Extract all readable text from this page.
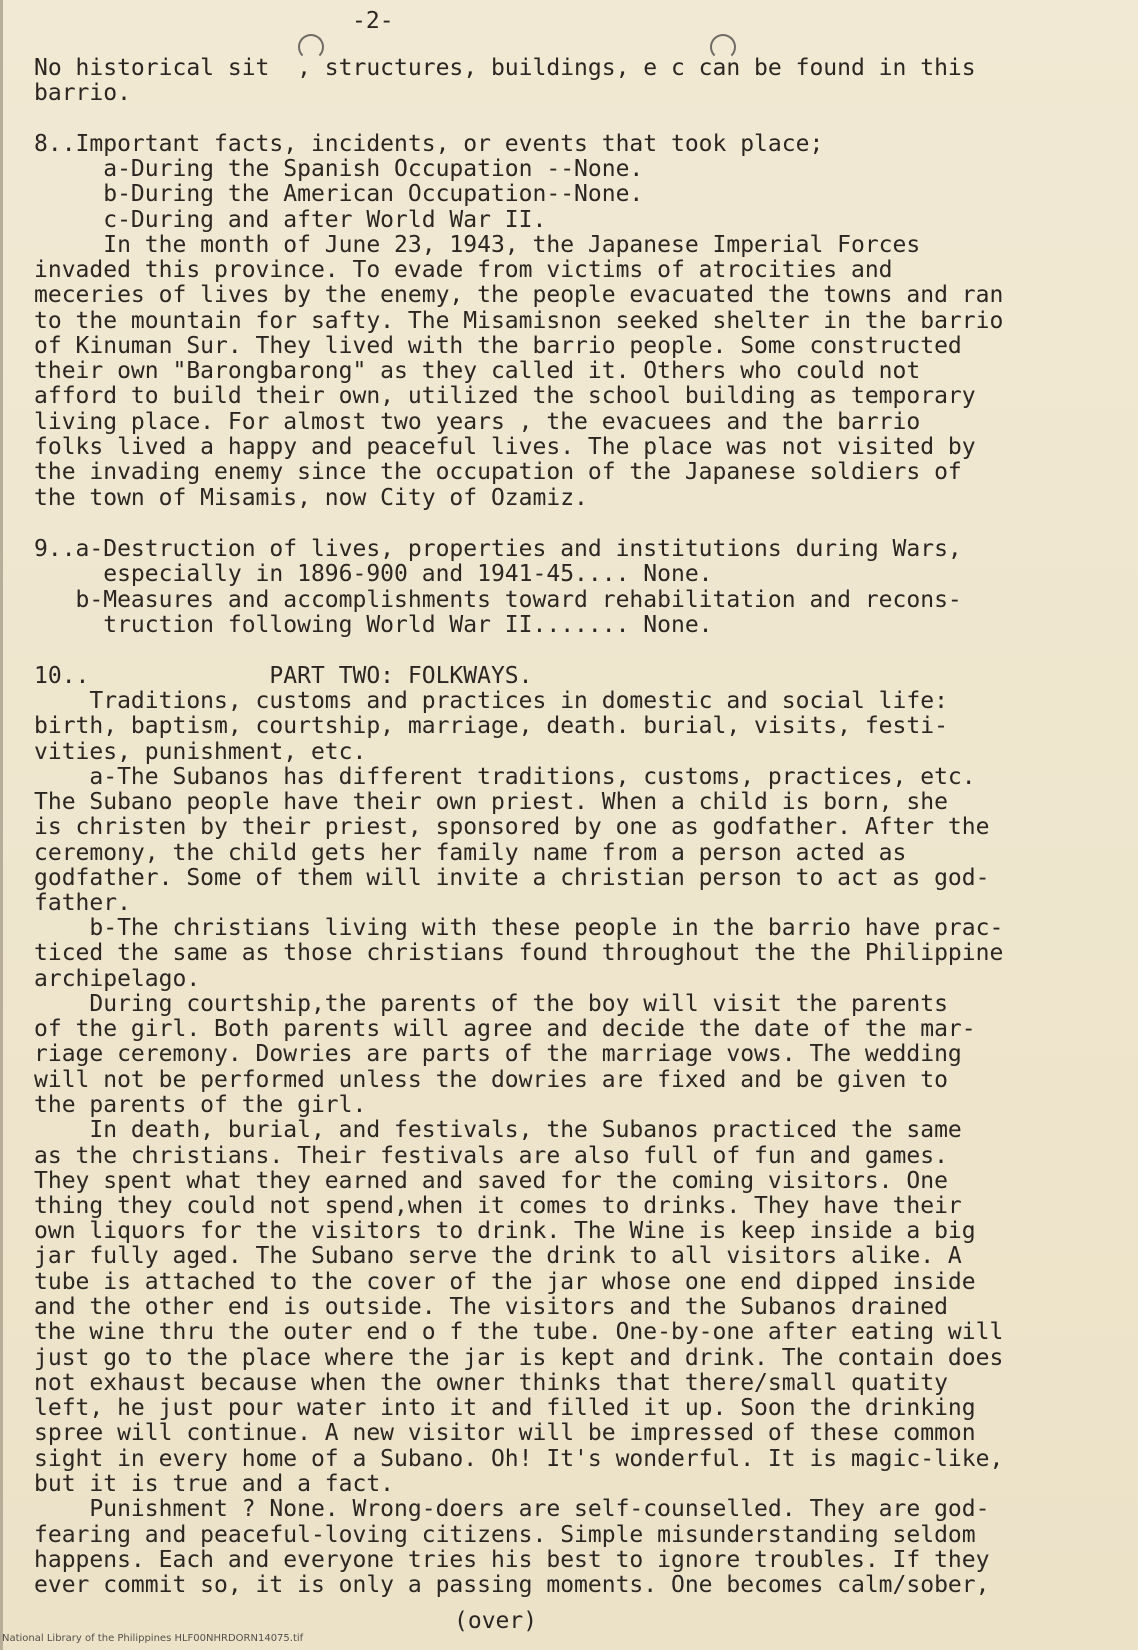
-2-
No historical sit  , structures, buildings, e c can be found in this
barrio.
8..Important facts, incidents, or events that took place;
a-During the Spanish Occupation --None.
b-During the American Occupation--None.
c-During and after World War II.
In the month of June 23, 1943, the Japanese Imperial Forces
invaded this province. To evade from victims of atrocities and
meceries of lives by the enemy, the people evacuated the towns and ran
to the mountain for safty. The Misamisnon seeked shelter in the barrio
of Kinuman Sur. They lived with the barrio people. Some constructed
their own "Barongbarong" as they called it. Others who could not
afford to build their own, utilized the school building as temporary
living place. For almost two years , the evacuees and the barrio
folks lived a happy and peaceful lives. The place was not visited by
the invading enemy since the occupation of the Japanese soldiers of
the town of Misamis, now City of Ozamiz.
9..a-Destruction of lives, properties and institutions during Wars,
especially in 1896-900 and 1941-45.... None.
b-Measures and accomplishments toward rehabilitation and recons-
truction following World War II....... None.
10..             PART TWO: FOLKWAYS.
Traditions, customs and practices in domestic and social life:
birth, baptism, courtship, marriage, death. burial, visits, festi-
vities, punishment, etc.
a-The Subanos has different traditions, customs, practices, etc.
The Subano people have their own priest. When a child is born, she
is christen by their priest, sponsored by one as godfather. After the
ceremony, the child gets her family name from a person acted as
godfather. Some of them will invite a christian person to act as god-
father.
b-The christians living with these people in the barrio have prac-
ticed the same as those christians found throughout the the Philippine
archipelago.
During courtship,the parents of the boy will visit the parents
of the girl. Both parents will agree and decide the date of the mar-
riage ceremony. Dowries are parts of the marriage vows. The wedding
will not be performed unless the dowries are fixed and be given to
the parents of the girl.
In death, burial, and festivals, the Subanos practiced the same
as the christians. Their festivals are also full of fun and games.
They spent what they earned and saved for the coming visitors. One
thing they could not spend,when it comes to drinks. They have their
own liquors for the visitors to drink. The Wine is keep inside a big
jar fully aged. The Subano serve the drink to all visitors alike. A
tube is attached to the cover of the jar whose one end dipped inside
and the other end is outside. The visitors and the Subanos drained
the wine thru the outer end o f the tube. One-by-one after eating will
just go to the place where the jar is kept and drink. The contain does
not exhaust because when the owner thinks that there/small quatity
left, he just pour water into it and filled it up. Soon the drinking
spree will continue. A new visitor will be impressed of these common
sight in every home of a Subano. Oh! It's wonderful. It is magic-like,
but it is true and a fact.
Punishment ? None. Wrong-doers are self-counselled. They are god-
fearing and peaceful-loving citizens. Simple misunderstanding seldom
happens. Each and everyone tries his best to ignore troubles. If they
ever commit so, it is only a passing moments. One becomes calm/sober,
(over)
National Library of the Philippines HLF00NHRDORN14075.tif
